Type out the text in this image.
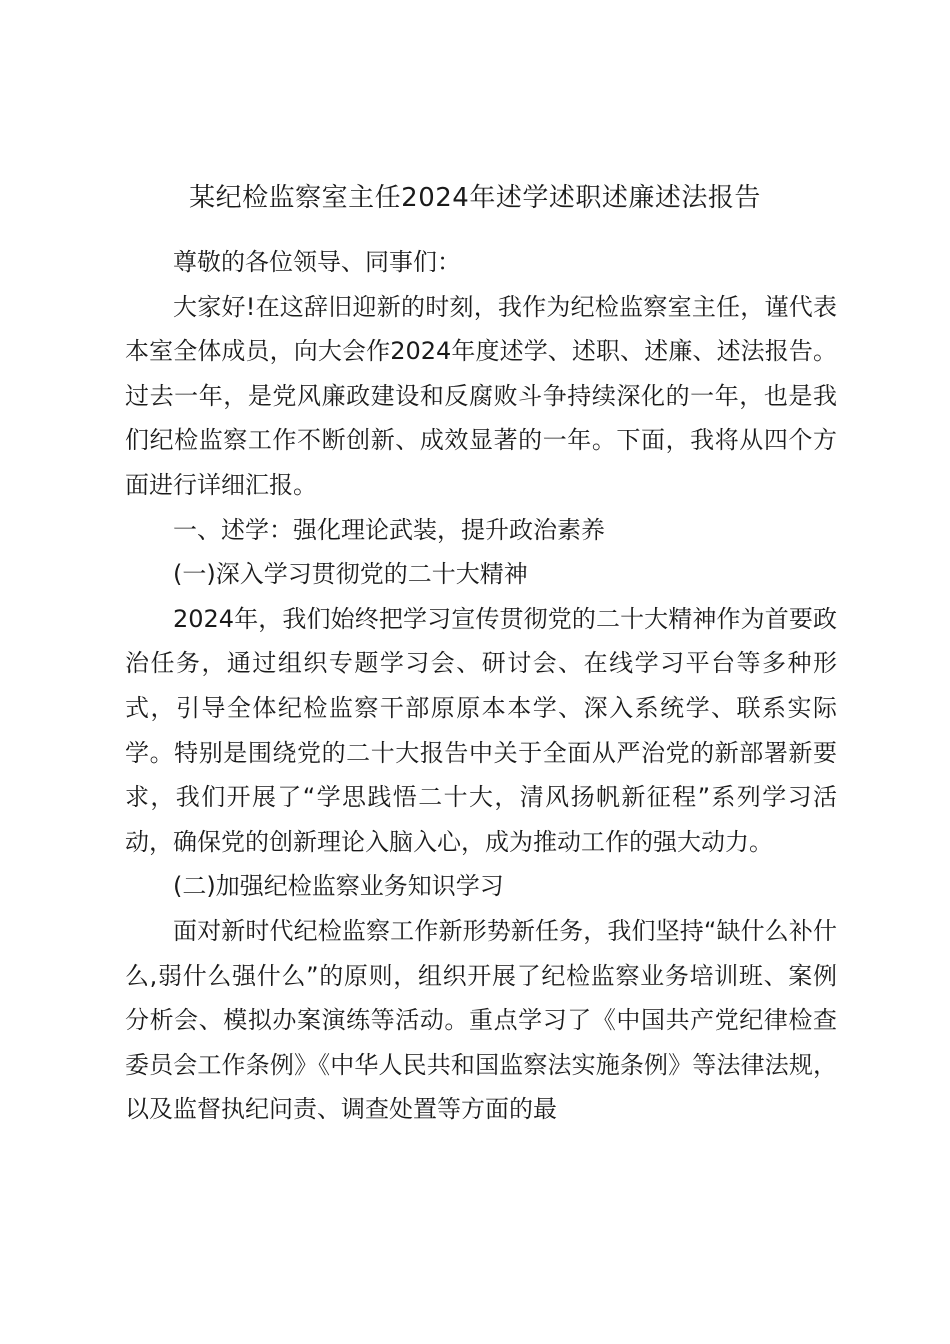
某纪检监察室主任2024年述学述职述廉述法报告

尊敬的各位领导、同事们：

大家好!在这辞旧迎新的时刻，我作为纪检监察室主任，谨代表本室全体成员，向大会作2024年度述学、述职、述廉、述法报告。过去一年，是党风廉政建设和反腐败斗争持续深化的一年，也是我们纪检监察工作不断创新、成效显著的一年。下面，我将从四个方面进行详细汇报。

一、述学：强化理论武装，提升政治素养

(一)深入学习贯彻党的二十大精神

2024年，我们始终把学习宣传贯彻党的二十大精神作为首要政治任务，通过组织专题学习会、研讨会、在线学习平台等多种形式，引导全体纪检监察干部原原本本学、深入系统学、联系实际学。特别是围绕党的二十大报告中关于全面从严治党的新部署新要求，我们开展了“学思践悟二十大，清风扬帆新征程”系列学习活动，确保党的创新理论入脑入心，成为推动工作的强大动力。

(二)加强纪检监察业务知识学习

面对新时代纪检监察工作新形势新任务，我们坚持“缺什么补什么,弱什么强什么”的原则，组织开展了纪检监察业务培训班、案例分析会、模拟办案演练等活动。重点学习了《中国共产党纪律检查委员会工作条例》《中华人民共和国监察法实施条例》等法律法规，以及监督执纪问责、调查处置等方面的最
